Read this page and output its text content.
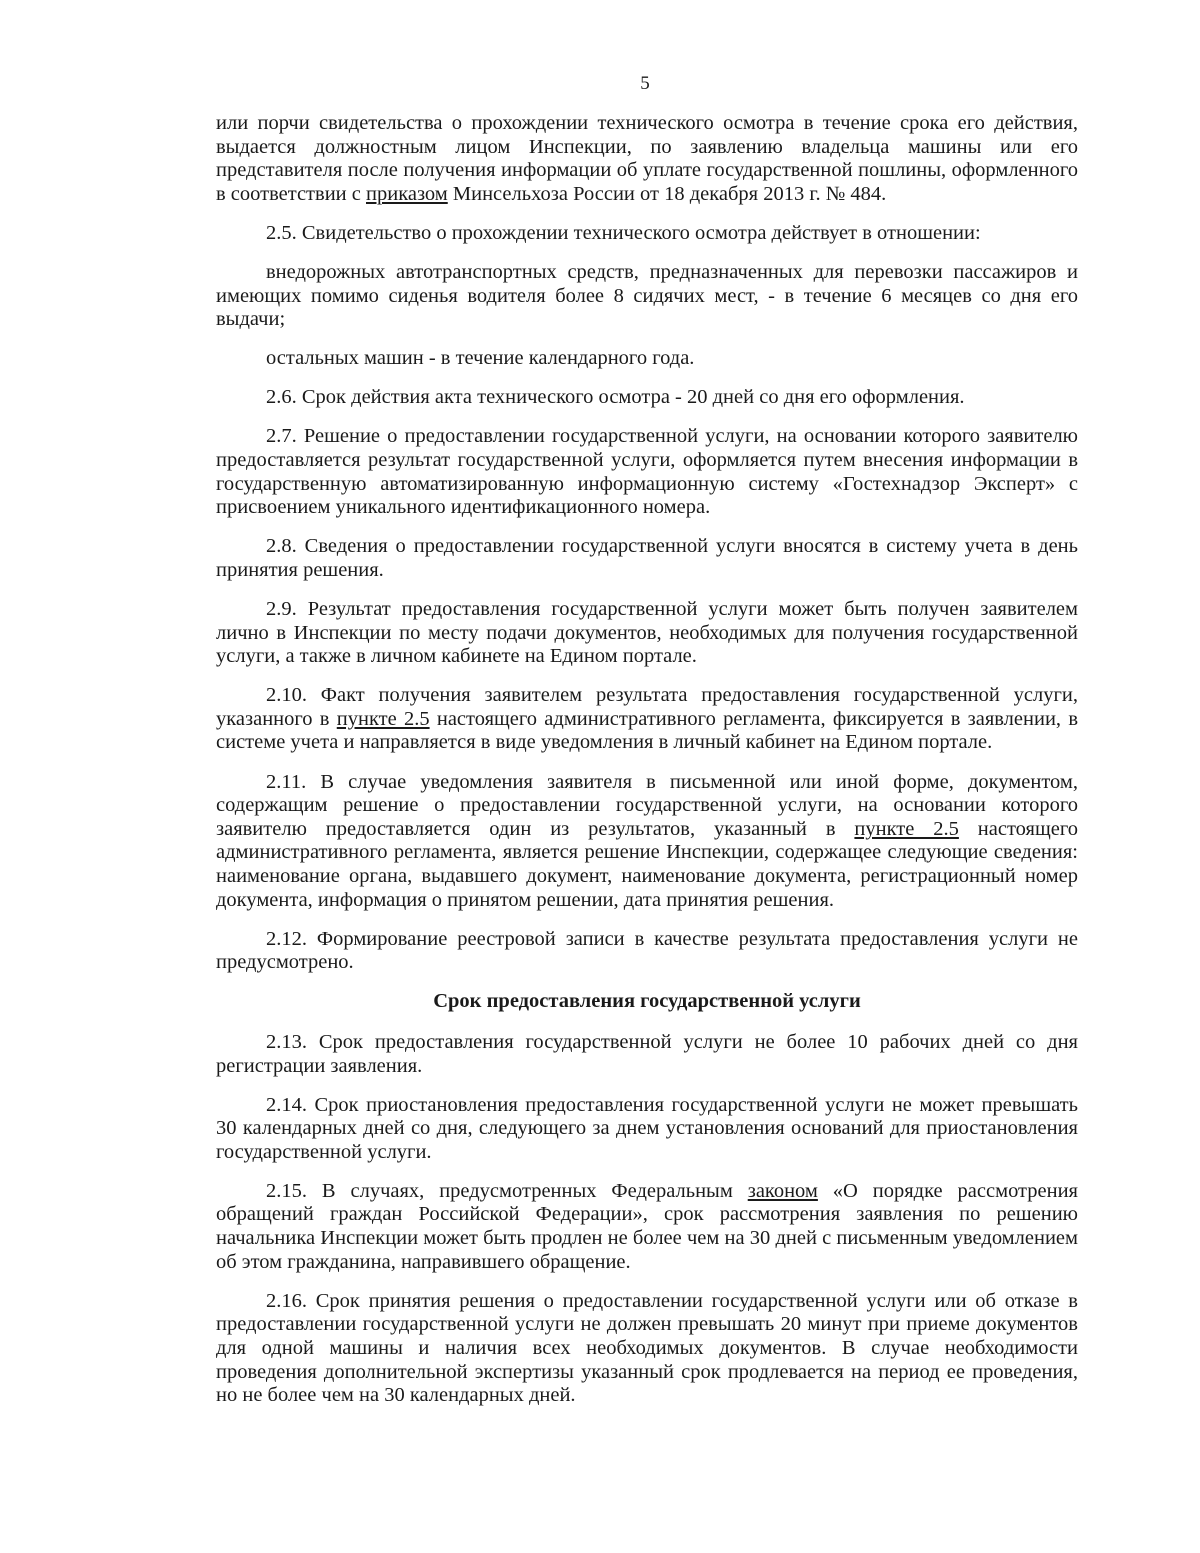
5

или порчи свидетельства о прохождении технического осмотра в течение срока его действия, выдается должностным лицом Инспекции, по заявлению владельца машины или его представителя после получения информации об уплате государственной пошлины, оформленного в соответствии с приказом Минсельхоза России от 18 декабря 2013 г. № 484.

2.5. Свидетельство о прохождении технического осмотра действует в отношении:

внедорожных автотранспортных средств, предназначенных для перевозки пассажиров и имеющих помимо сиденья водителя более 8 сидячих мест, - в течение 6 месяцев со дня его выдачи;

остальных машин - в течение календарного года.

2.6. Срок действия акта технического осмотра - 20 дней со дня его оформления.

2.7. Решение о предоставлении государственной услуги, на основании которого заявителю предоставляется результат государственной услуги, оформляется путем внесения информации в государственную автоматизированную информационную систему «Гостехнадзор Эксперт» с присвоением уникального идентификационного номера.

2.8. Сведения о предоставлении государственной услуги вносятся в систему учета в день принятия решения.

2.9. Результат предоставления государственной услуги может быть получен заявителем лично в Инспекции по месту подачи документов, необходимых для получения государственной услуги, а также в личном кабинете на Едином портале.

2.10. Факт получения заявителем результата предоставления государственной услуги, указанного в пункте 2.5 настоящего административного регламента, фиксируется в заявлении, в системе учета и направляется в виде уведомления в личный кабинет на Едином портале.

2.11. В случае уведомления заявителя в письменной или иной форме, документом, содержащим решение о предоставлении государственной услуги, на основании которого заявителю предоставляется один из результатов, указанный в пункте 2.5 настоящего административного регламента, является решение Инспекции, содержащее следующие сведения: наименование органа, выдавшего документ, наименование документа, регистрационный номер документа, информация о принятом решении, дата принятия решения.

2.12. Формирование реестровой записи в качестве результата предоставления услуги не предусмотрено.

Срок предоставления государственной услуги

2.13. Срок предоставления государственной услуги не более 10 рабочих дней со дня регистрации заявления.

2.14. Срок приостановления предоставления государственной услуги не может превышать 30 календарных дней со дня, следующего за днем установления оснований для приостановления государственной услуги.

2.15. В случаях, предусмотренных Федеральным законом «О порядке рассмотрения обращений граждан Российской Федерации», срок рассмотрения заявления по решению начальника Инспекции может быть продлен не более чем на 30 дней с письменным уведомлением об этом гражданина, направившего обращение.

2.16. Срок принятия решения о предоставлении государственной услуги или об отказе в предоставлении государственной услуги не должен превышать 20 минут при приеме документов для одной машины и наличия всех необходимых документов. В случае необходимости проведения дополнительной экспертизы указанный срок продлевается на период ее проведения, но не более чем на 30 календарных дней.
